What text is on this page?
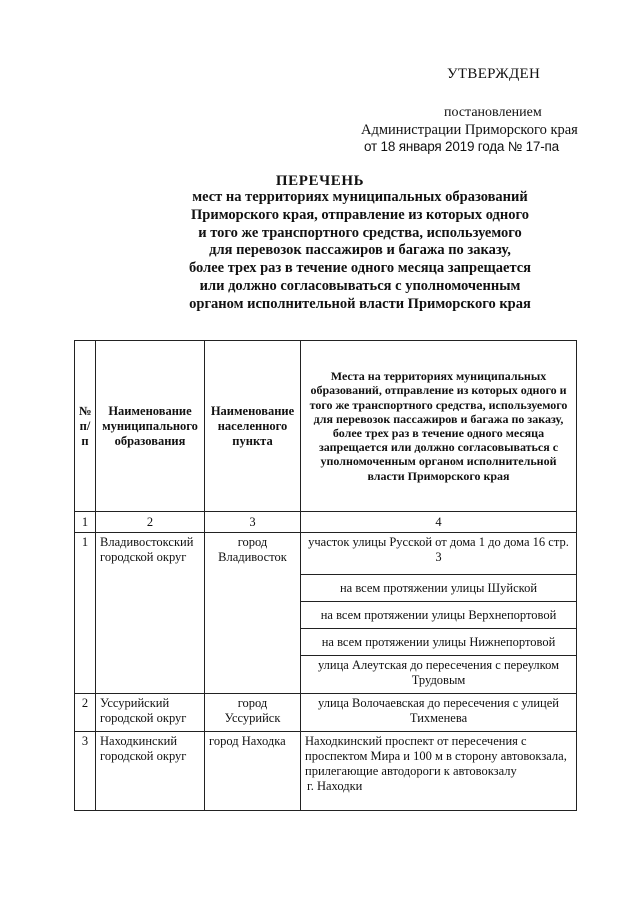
УТВЕРЖДЕН
постановлением
Администрации Приморского края
от 18 января 2019 года № 17-па
ПЕРЕЧЕНЬ
мест на территориях муниципальных образований
Приморского края, отправление из которых одного
и того же транспортного средства, используемого
для перевозок пассажиров и багажа по заказу,
более трех раз в течение одного месяца запрещается
или должно согласовываться с уполномоченным
органом исполнительной власти Приморского края
№ п/п	Наименование муниципального образования	Наименование населенного пункта	Места на территориях муниципальных образований, отправление из которых одного и того же транспортного средства, используемого для перевозок пассажиров и багажа по заказу, более трех раз в течение одного месяца запрещается или должно согласовываться с уполномоченным органом исполнительной власти Приморского края
1	2	3	4
1	Владивостокский городской округ	город Владивосток	участок улицы Русской от дома 1 до дома 16 стр. 3
			на всем протяжении улицы Шуйской
			на всем протяжении улицы Верхнепортовой
			на всем протяжении улицы Нижнепортовой
			улица Алеутская до пересечения с переулком Трудовым
2	Уссурийский городской округ	город Уссурийск	улица Волочаевская до пересечения с улицей Тихменева
3	Находкинский городской округ	город Находка	Находкинский проспект от пересечения с проспектом Мира и 100 м в сторону автовокзала, прилегающие автодороги к автовокзалу
г. Находки
